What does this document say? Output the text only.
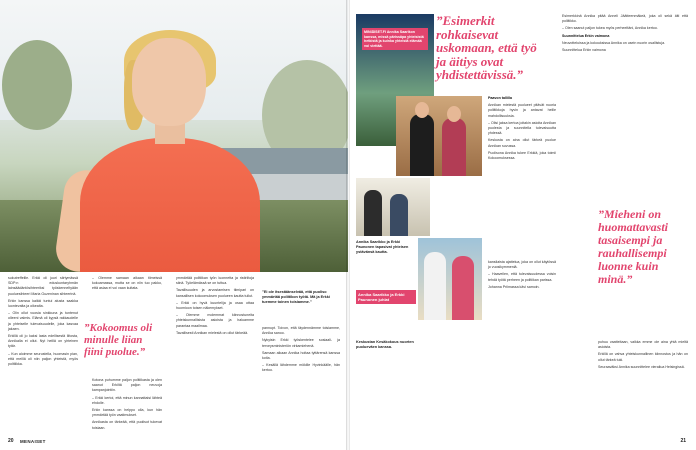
sukutreffeille. Erkki oli juuri siirtymässä SDP:n eduskuntaryhmän lainsäädäntösihteeriksi työskenneltyään puoluesihteeri Maria Guzeninan sihteerinä.

Erkin kanssa kaikki tuntui alusta saakka luontevalta ja oikealta.

– Olin ollut vuosia sinkkuna ja tuntenut olleeni valmis. Elämä oli kypsä rakkaudelle ja yhteiselle tulevaisuudelle, joka kasvaa jakaen.

Erkillä oli jo kaksi lasta edellisestä liitosta, Annikalla ei ollut. Nyt heillä on yhteinen tytär.

– Kun aloimme seurustella, huomasin pian, että meillä oli niin paljon yhteistä, myös politiikka.

”Kokoomus oli minulle liian fiini puolue.”

– Olemme samaan aikaan tiimeissä kokoamassa, mutta se on niin tuo pakko, että asiaa ei voi vaan kuitata.

Kotona puhumme paljon politiikasta ja olen saanut Erkiltä paljon neuvoja kampanjointiin.

– Erkki kertoi, että minun kannattaisi lähteä ehdolle.

Erkin kanssa on helppo olla, kun hän ymmärtää työn vaatimukset.

Annikasta on tärkeää, että puolisot tukevat toisiaan.

ymmärtää politiikan työn luonnetta ja ristiriitoja siinä. Työelämässä se on tuttua.

Tavallisuuden ja arvostamisen tiimipari on kansallisen kokoomuksen puolueen kautta tullut.

– Erkki on hyvä kuuntelija ja osaa ottaa huomioon toisen näkemykset.

– Olemme molemmat kiinnostuneita yhteiskunnallisista asioista ja haluamme parantaa maailmaa.

Tavallisesti Annikan mielestä on ollut tärkeää.

”Ei ole itsestäänselvää, että puoliso ymmärtää poliitikon työtä. Mä ja Erkki tuemme toinen toisiamme.”

pannupt. Toivon, että täydennämme toisiamme, Annika sanoo.

Nykyisin Erkki työskentelee sosiaali- ja terveysministeriön virkamiehenä.

Samaan aikaan Annika hoitaa tyttärensä kanssa kotia.

– Kesällä lähdemme mökille Hyvinkäälle, hän kertoo.

20 MENAISET
MINIÄISET.FI Annika Saarikon kanssa, missä pärissäpa yhteisistä hetkistä ja kuinka yhteistä elämää voi viettää.
”Esimerkit rohkaisevat uskomaan, että työ ja äitiys ovat yhdistettävissä.”

Paavon tallilla

Annikan mielestä puolueet pitävät nuoria poliitikkoja hyvin ja antavat heille mahdollisuuksia.

– Olisi jaksa kertoa joitakin asioita Annikan puolesta ja suunnitella tulevaisuutta yhdessä.

Keskusta on aina ollut tärkeä puolue Annikan suvussa.

Puolisona Annika tukee Erkkiä, joka toimii Kokoomuksessa.

Annika Saarikko ja Erkki Paunonen tapasivat yhteisen ystävänsä kautta.
Annika Saarikko ja Erkki Paunonen juhlat
Keskustan Kesäkokous nuorten puolueväen kanssa.

kansilaista ajattelua, joka on ollut käytössä jo vuosikymmeniä.

– Haaveilen, että tulevaisuudessa voisin tehdä työtä perheen ja politiikan parissa.

Johanna Priimassa kävi samoin.

Esimerkkinä Annika pitää Anneli Jäätteenmäkeä, joka oli sekä äiti että poliitikko.

– Olen saanut paljon tukea myös perheeltäni, Annika kertoo.

Suunnittelua Erkin vaimona

Neuvotteluissa ja kokouksissa Annika on usein nuorin osallistuja.

Suunnittelua Erkin vaimona

”Mieheni on huomattavasti tasaisempi ja rauhallisempi luonne kuin minä.”

puhuu vaatteitaan, vaikka emme ole aina yhtä mieltä asioista.

Erkillä on vahva yhteiskunnallinen kiinnostus ja hän on ollut tärkeä tuki.

Seuraaväksi Annika suunnittelee vierailua Helsingissä.

21
